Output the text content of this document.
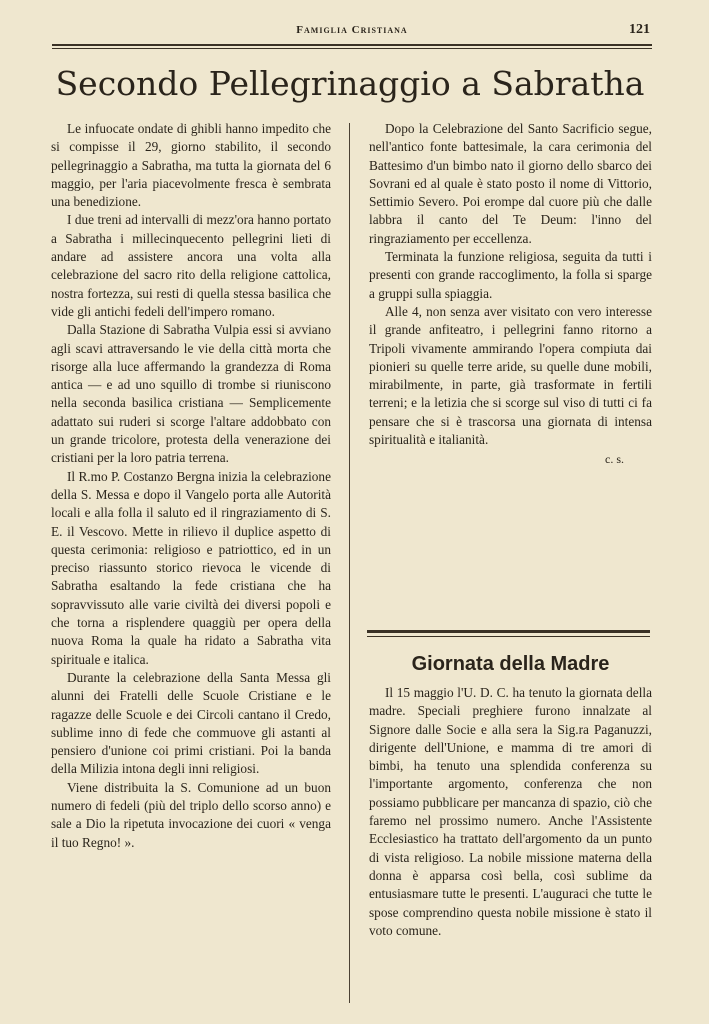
Famiglia Cristiana	121
Secondo Pellegrinaggio a Sabratha

Le infuocate ondate di ghibli hanno impedito che si compisse il 29, giorno stabilito, il secondo pellegrinaggio a Sabratha, ma tutta la giornata del 6 maggio, per l'aria piacevolmente fresca è sembrata una benedizione.

I due treni ad intervalli di mezz'ora hanno portato a Sabratha i millecinquecento pellegrini lieti di andare ad assistere ancora una volta alla celebrazione del sacro rito della religione cattolica, nostra fortezza, sui resti di quella stessa basilica che vide gli antichi fedeli dell'impero romano.

Dalla Stazione di Sabratha Vulpia essi si avviano agli scavi attraversando le vie della città morta che risorge alla luce affermando la grandezza di Roma antica — e ad uno squillo di trombe si riuniscono nella seconda basilica cristiana — Semplicemente adattato sui ruderi si scorge l'altare addobbato con un grande tricolore, protesta della venerazione dei cristiani per la loro patria terrena.

Il R.mo P. Costanzo Bergna inizia la celebrazione della S. Messa e dopo il Vangelo porta alle Autorità locali e alla folla il saluto ed il ringraziamento di S. E. il Vescovo. Mette in rilievo il duplice aspetto di questa cerimonia: religioso e patriottico, ed in un preciso riassunto storico rievoca le vicende di Sabratha esaltando la fede cristiana che ha sopravvissuto alle varie civiltà dei diversi popoli e che torna a risplendere quaggiù per opera della nuova Roma la quale ha ridato a Sabratha vita spirituale e italica.

Durante la celebrazione della Santa Messa gli alunni dei Fratelli delle Scuole Cristiane e le ragazze delle Scuole e dei Circoli cantano il Credo, sublime inno di fede che commuove gli astanti al pensiero d'unione coi primi cristiani. Poi la banda della Milizia intona degli inni religiosi.

Viene distribuita la S. Comunione ad un buon numero di fedeli (più del triplo dello scorso anno) e sale a Dio la ripetuta invocazione dei cuori « venga il tuo Regno! ».

Dopo la Celebrazione del Santo Sacrificio segue, nell'antico fonte battesimale, la cara cerimonia del Battesimo d'un bimbo nato il giorno dello sbarco dei Sovrani ed al quale è stato posto il nome di Vittorio, Settimio Severo. Poi erompe dal cuore più che dalle labbra il canto del Te Deum: l'inno del ringraziamento per eccellenza.

Terminata la funzione religiosa, seguita da tutti i presenti con grande raccoglimento, la folla si sparge a gruppi sulla spiaggia.

Alle 4, non senza aver visitato con vero interesse il grande anfiteatro, i pellegrini fanno ritorno a Tripoli vivamente ammirando l'opera compiuta dai pionieri su quelle terre aride, su quelle dune mobili, mirabilmente, in parte, già trasformate in fertili terreni; e la letizia che si scorge sul viso di tutti ci fa pensare che si è trascorsa una giornata di intensa spiritualità e italianità.

c. s.
Giornata della Madre

Il 15 maggio l'U. D. C. ha tenuto la giornata della madre. Speciali preghiere furono innalzate al Signore dalle Socie e alla sera la Sig.ra Paganuzzi, dirigente dell'Unione, e mamma di tre amori di bimbi, ha tenuto una splendida conferenza su l'importante argomento, conferenza che non possiamo pubblicare per mancanza di spazio, ciò che faremo nel prossimo numero. Anche l'Assistente Ecclesiastico ha trattato dell'argomento da un punto di vista religioso. La nobile missione materna della donna è apparsa così bella, così sublime da entusiasmare tutte le presenti. L'auguraci che tutte le spose comprendino questa nobile missione è stato il voto comune.
